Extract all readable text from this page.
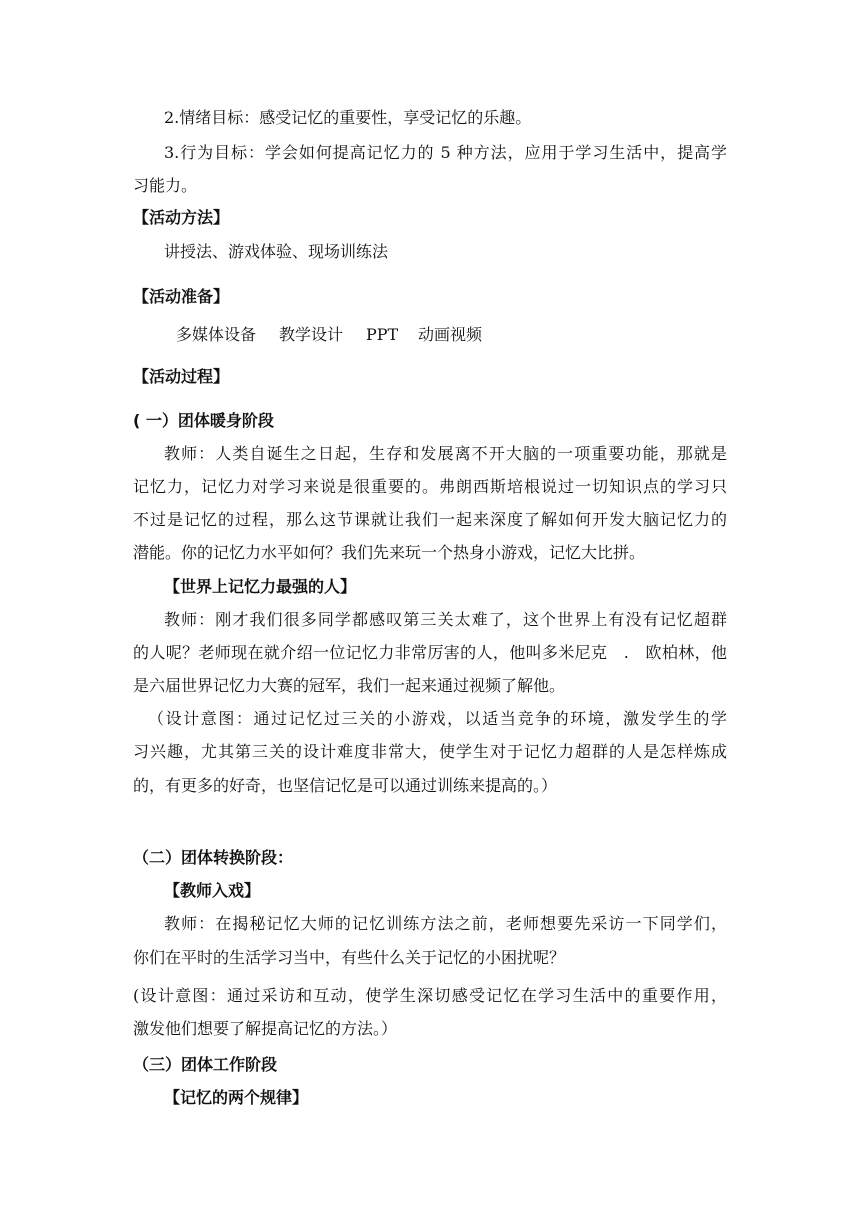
2.情绪目标：感受记忆的重要性，享受记忆的乐趣。
3.行为目标：学会如何提高记忆力的 5 种方法，应用于学习生活中，提高学
习能力。
【活动方法】
讲授法、游戏体验、现场训练法
【活动准备】
多媒体设备 教学设计 PPT 动画视频
【活动过程】
( 一）团体暖身阶段
教师：人类自诞生之日起，生存和发展离不开大脑的一项重要功能，那就是
记忆力，记忆力对学习来说是很重要的。弗朗西斯培根说过一切知识点的学习只
不过是记忆的过程，那么这节课就让我们一起来深度了解如何开发大脑记忆力的
潜能。你的记忆力水平如何？我们先来玩一个热身小游戏，记忆大比拼。
【世界上记忆力最强的人】
教师：刚才我们很多同学都感叹第三关太难了，这个世界上有没有记忆超群
的人呢？老师现在就介绍一位记忆力非常厉害的人，他叫多米尼克　.　欧柏林，他
是六届世界记忆力大赛的冠军，我们一起来通过视频了解他。
（设计意图：通过记忆过三关的小游戏，以适当竞争的环境，激发学生的学
习兴趣，尤其第三关的设计难度非常大，使学生对于记忆力超群的人是怎样炼成
的，有更多的好奇，也坚信记忆是可以通过训练来提高的。）
（二）团体转换阶段：
【教师入戏】
教师：在揭秘记忆大师的记忆训练方法之前，老师想要先采访一下同学们，
你们在平时的生活学习当中，有些什么关于记忆的小困扰呢？
(设计意图：通过采访和互动，使学生深切感受记忆在学习生活中的重要作用，
激发他们想要了解提高记忆的方法。）
（三）团体工作阶段
【记忆的两个规律】
